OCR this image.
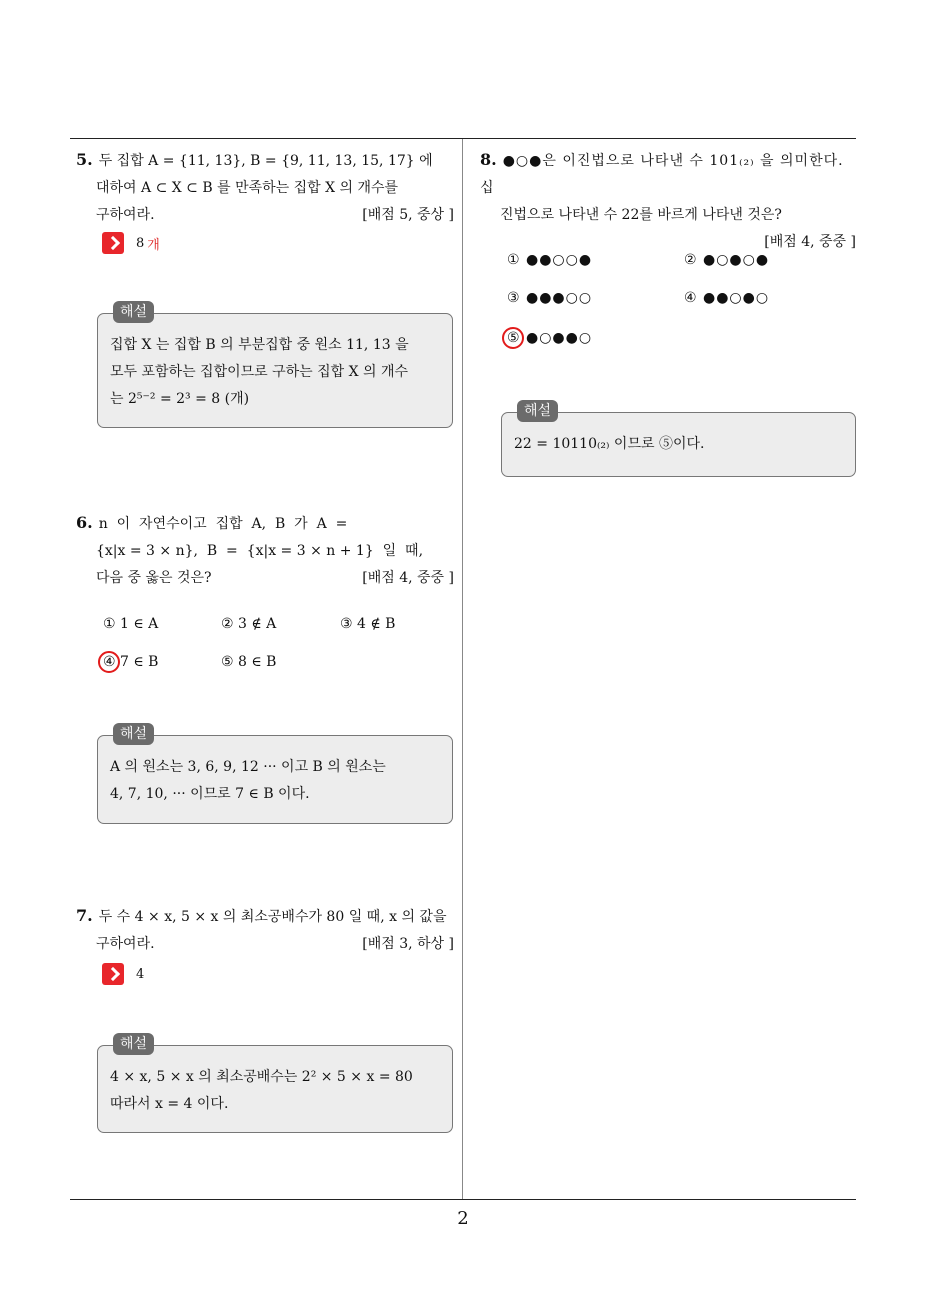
5. 두 집합 A = {11, 13}, B = {9, 11, 13, 15, 17} 에
대하여 A ⊂ X ⊂ B 를 만족하는 집합 X 의 개수를
구하여라.	[배점 5, 중상 ]
8 개
집합 X 는 집합 B 의 부분집합 중 원소 11, 13 을
모두 포함하는 집합이므로 구하는 집합 X 의 개수
는 2⁵⁻² = 2³ = 8 (개)
해설
6. n  이  자연수이고  집합  A,  B  가  A  =
{x|x = 3 × n},  B  =  {x|x = 3 × n + 1}  일  때,
다음 중 옳은 것은?	[배점 4, 중중 ]
① 1 ∈ A	② 3 ∉ A	③ 4 ∉ B
④ 7 ∈ B	⑤ 8 ∈ B
A 의 원소는 3, 6, 9, 12 ··· 이고 B 의 원소는
4, 7, 10, ··· 이므로 7 ∈ B 이다.
해설
7. 두 수 4 × x, 5 × x 의 최소공배수가 80 일 때, x 의 값을
구하여라.	[배점 3, 하상 ]
4
4 × x, 5 × x 의 최소공배수는 2² × 5 × x = 80
따라서 x = 4 이다.
해설
8. ●○●은 이진법으로 나타낸 수 101₍₂₎ 을 의미한다. 십
진법으로 나타낸 수 22를 바르게 나타낸 것은?
[배점 4, 중중 ]
① ●●○○●	② ●○●○●
③ ●●●○○	④ ●●○●○
⑤ ●○●●○
22 = 10110₍₂₎ 이므로 ⑤이다.
해설
2
